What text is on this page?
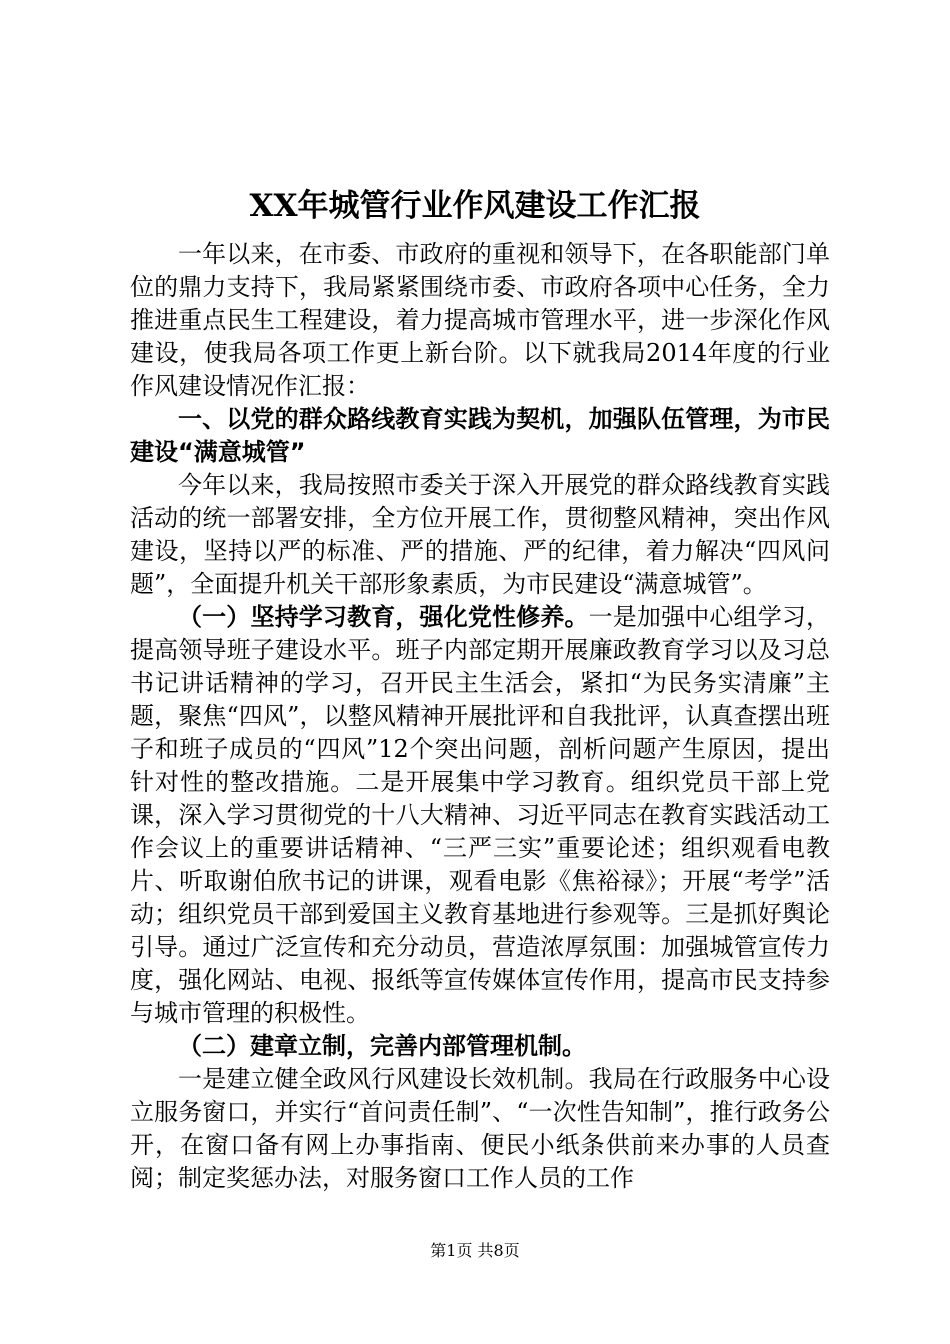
XX年城管行业作风建设工作汇报

一年以来，在市委、市政府的重视和领导下，在各职能部门单位的鼎力支持下，我局紧紧围绕市委、市政府各项中心任务，全力推进重点民生工程建设，着力提高城市管理水平，进一步深化作风建设，使我局各项工作更上新台阶。以下就我局2014年度的行业作风建设情况作汇报：

一、以党的群众路线教育实践为契机，加强队伍管理，为市民建设“满意城管”

今年以来，我局按照市委关于深入开展党的群众路线教育实践活动的统一部署安排，全方位开展工作，贯彻整风精神，突出作风建设，坚持以严的标准、严的措施、严的纪律，着力解决“四风问题”，全面提升机关干部形象素质，为市民建设“满意城管”。

（一）坚持学习教育，强化党性修养。一是加强中心组学习，提高领导班子建设水平。班子内部定期开展廉政教育学习以及习总书记讲话精神的学习，召开民主生活会，紧扣“为民务实清廉”主题，聚焦“四风”，以整风精神开展批评和自我批评，认真查摆出班子和班子成员的“四风”12个突出问题，剖析问题产生原因，提出针对性的整改措施。二是开展集中学习教育。组织党员干部上党课，深入学习贯彻党的十八大精神、习近平同志在教育实践活动工作会议上的重要讲话精神、“三严三实”重要论述；组织观看电教片、听取谢伯欣书记的讲课，观看电影《焦裕禄》；开展“考学”活动；组织党员干部到爱国主义教育基地进行参观等。三是抓好舆论引导。通过广泛宣传和充分动员，营造浓厚氛围：加强城管宣传力度，强化网站、电视、报纸等宣传媒体宣传作用，提高市民支持参与城市管理的积极性。

（二）建章立制，完善内部管理机制。

一是建立健全政风行风建设长效机制。我局在行政服务中心设立服务窗口，并实行“首问责任制”、“一次性告知制”，推行政务公开，在窗口备有网上办事指南、便民小纸条供前来办事的人员查阅；制定奖惩办法，对服务窗口工作人员的工作

第1页 共8页
